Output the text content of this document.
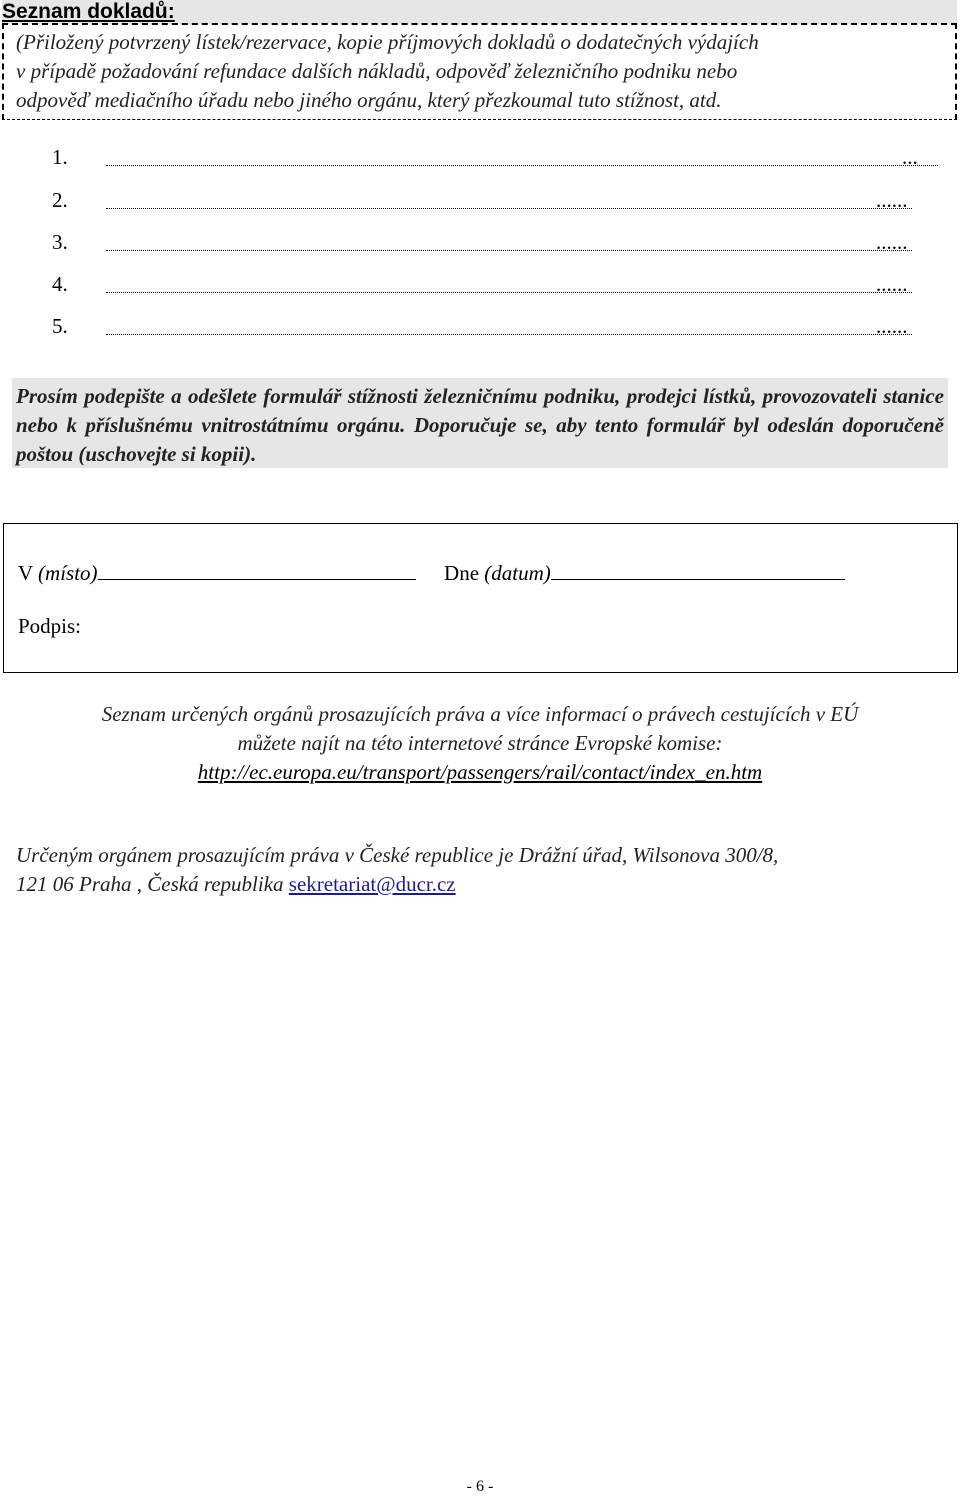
Seznam dokladů:
(Přiložený potvrzený lístek/rezervace, kopie příjmových dokladů o dodatečných výdajích
v případě požadování refundace dalších nákladů, odpověď železničního podniku nebo
odpověď mediačního úřadu nebo jiného orgánu, který přezkoumal tuto stížnost, atd.
1.	...
2.	......
3.	......
4.	......
5.	......

Prosím podepište a odešlete formulář stížnosti železničnímu podniku, prodejci lístků, provozovateli stanice nebo k příslušnému vnitrostátnímu orgánu. Doporučuje se, aby tento formulář byl odeslán doporučeně poštou (uschovejte si kopii).

V (místo)	Dne (datum)
Podpis:
Seznam určených orgánů prosazujících práva a více informací o právech cestujících v EÚ
můžete najít na této internetové stránce Evropské komise:
http://ec.europa.eu/transport/passengers/rail/contact/index_en.htm
Určeným orgánem prosazujícím práva v České republice je Drážní úřad, Wilsonova 300/8,
121 06 Praha , Česká republika sekretariat@ducr.cz
- 6 -
